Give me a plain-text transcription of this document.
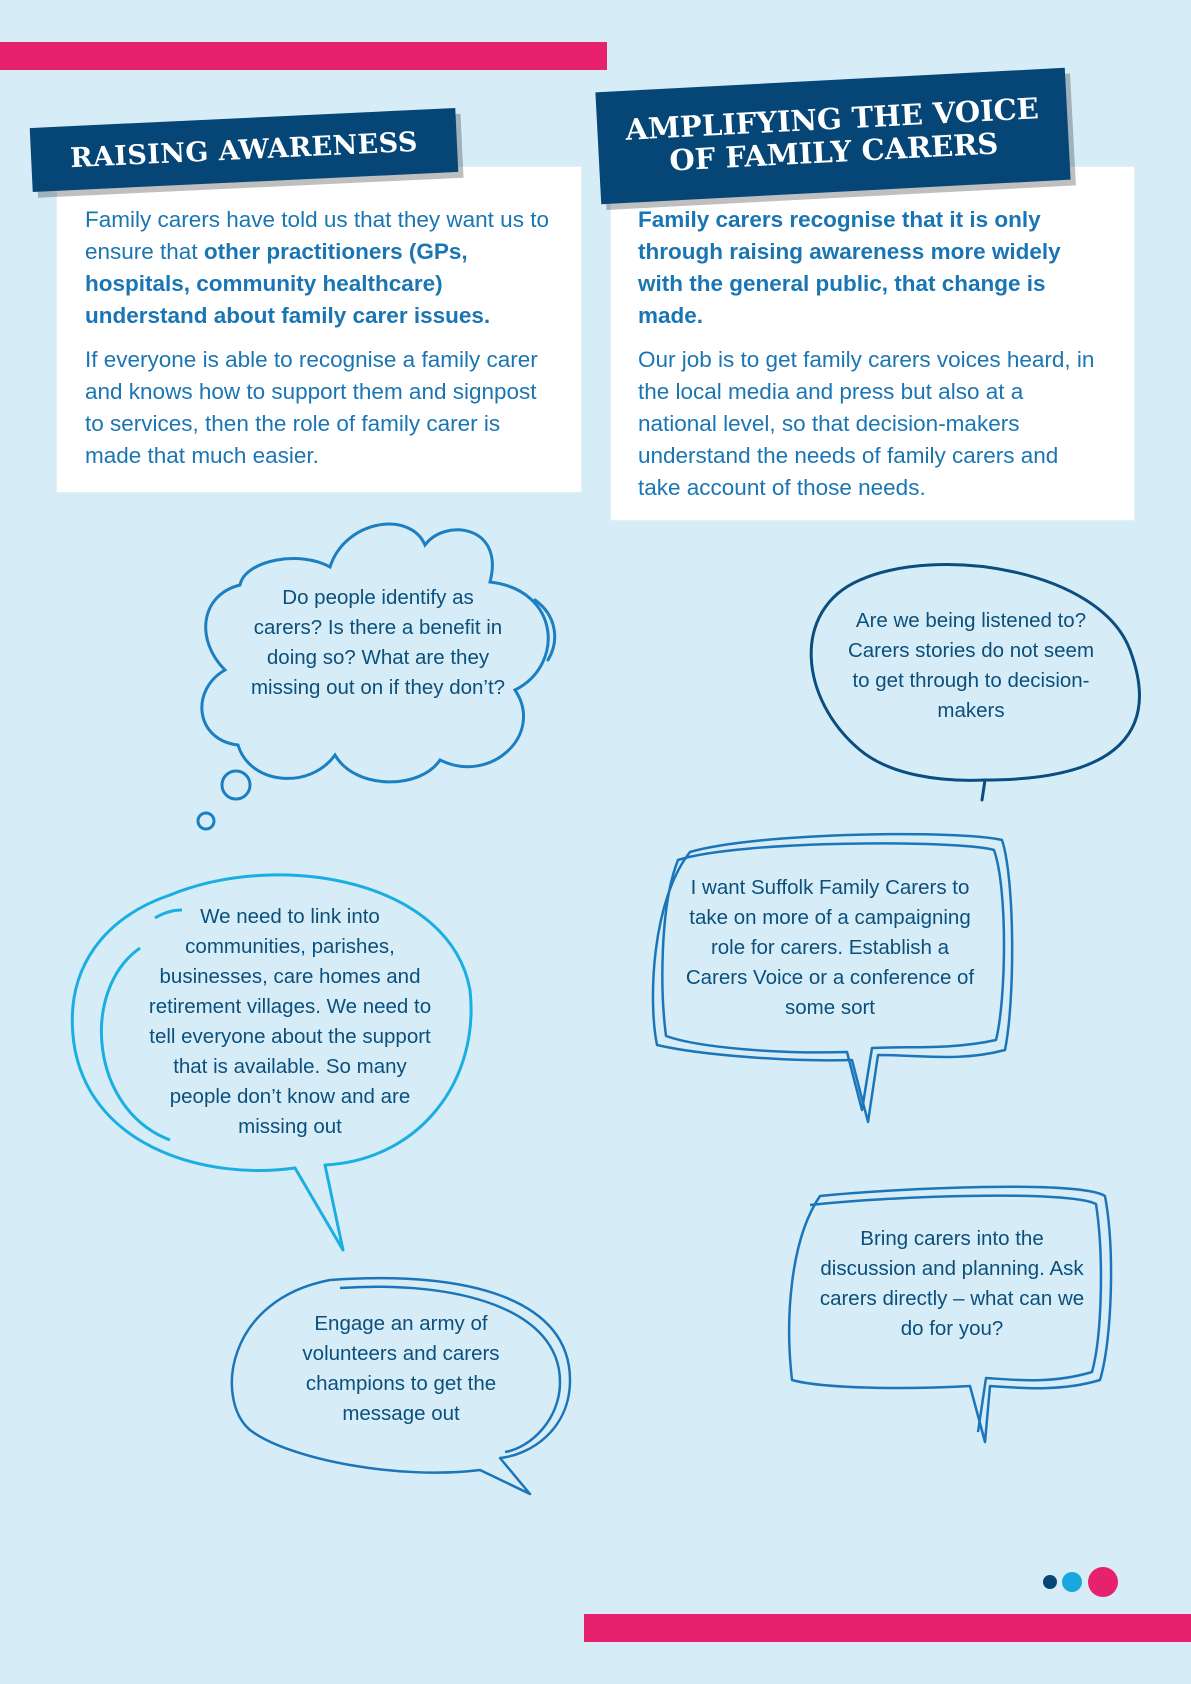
RAISING AWARENESS
AMPLIFYING THE VOICE OF FAMILY CARERS

Family carers have told us that they want us to ensure that other practitioners (GPs, hospitals, community healthcare) understand about family carer issues.

If everyone is able to recognise a family carer and knows how to support them and signpost to services, then the role of family carer is made that much easier.

Family carers recognise that it is only through raising awareness more widely with the general public, that change is made.

Our job is to get family carers voices heard, in the local media and press but also at a national level, so that decision-makers understand the needs of family carers and take account of those needs.

Do people identify as carers? Is there a benefit in doing so? What are they missing out on if they don’t?
Are we being listened to? Carers stories do not seem to get through to decision-makers
I want Suffolk Family Carers to take on more of a campaigning role for carers. Establish a Carers Voice or a conference of some sort
We need to link into communities, parishes, businesses, care homes and retirement villages. We need to tell everyone about the support that is available. So many people don’t know and are missing out
Bring carers into the discussion and planning. Ask carers directly – what can we do for you?
Engage an army of volunteers and carers champions to get the message out
